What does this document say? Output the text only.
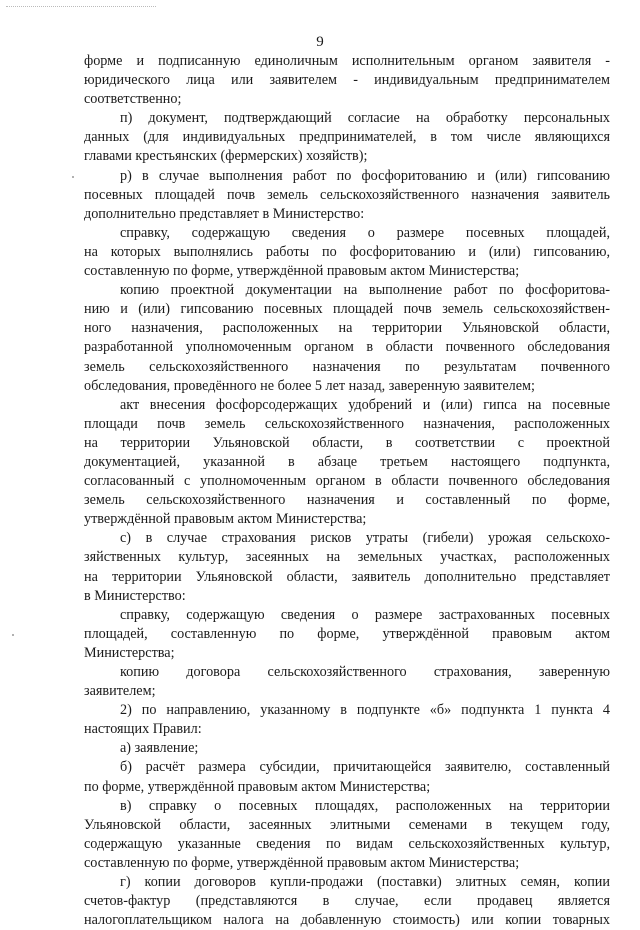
9
форме и подписанную единоличным исполнительным органом заявителя -
юридического лица или заявителем - индивидуальным предпринимателем
соответственно;
п) документ, подтверждающий согласие на обработку персональных
данных (для индивидуальных предпринимателей, в том числе являющихся
главами крестьянских (фермерских) хозяйств);
р) в случае выполнения работ по фосфоритованию и (или) гипсованию
посевных площадей почв земель сельскохозяйственного назначения заявитель
дополнительно представляет в Министерство:
справку, содержащую сведения о размере посевных площадей,
на которых выполнялись работы по фосфоритованию и (или) гипсованию,
составленную по форме, утверждённой правовым актом Министерства;
копию проектной документации на выполнение работ по фосфоритова-
нию и (или) гипсованию посевных площадей почв земель сельскохозяйствен-
ного назначения, расположенных на территории Ульяновской области,
разработанной уполномоченным органом в области почвенного обследования
земель сельскохозяйственного назначения по результатам почвенного
обследования, проведённого не более 5 лет назад, заверенную заявителем;
акт внесения фосфорсодержащих удобрений и (или) гипса на посевные
площади почв земель сельскохозяйственного назначения, расположенных
на территории Ульяновской области, в соответствии с проектной
документацией, указанной в абзаце третьем настоящего подпункта,
согласованный с уполномоченным органом в области почвенного обследования
земель сельскохозяйственного назначения и составленный по форме,
утверждённой правовым актом Министерства;
с) в случае страхования рисков утраты (гибели) урожая сельскохо-
зяйственных культур, засеянных на земельных участках, расположенных
на территории Ульяновской области, заявитель дополнительно представляет
в Министерство:
справку, содержащую сведения о размере застрахованных посевных
площадей, составленную по форме, утверждённой правовым актом
Министерства;
копию договора сельскохозяйственного страхования, заверенную
заявителем;
2) по направлению, указанному в подпункте «б» подпункта 1 пункта 4
настоящих Правил:
а) заявление;
б) расчёт размера субсидии, причитающейся заявителю, составленный
по форме, утверждённой правовым актом Министерства;
в) справку о посевных площадях, расположенных на территории
Ульяновской области, засеянных элитными семенами в текущем году,
содержащую указанные сведения по видам сельскохозяйственных культур,
составленную по форме, утверждённой правовым актом Министерства;
г) копии договоров купли-продажи (поставки) элитных семян, копии
счетов-фактур (представляются в случае, если продавец является
налогоплательщиком налога на добавленную стоимость) или копии товарных
